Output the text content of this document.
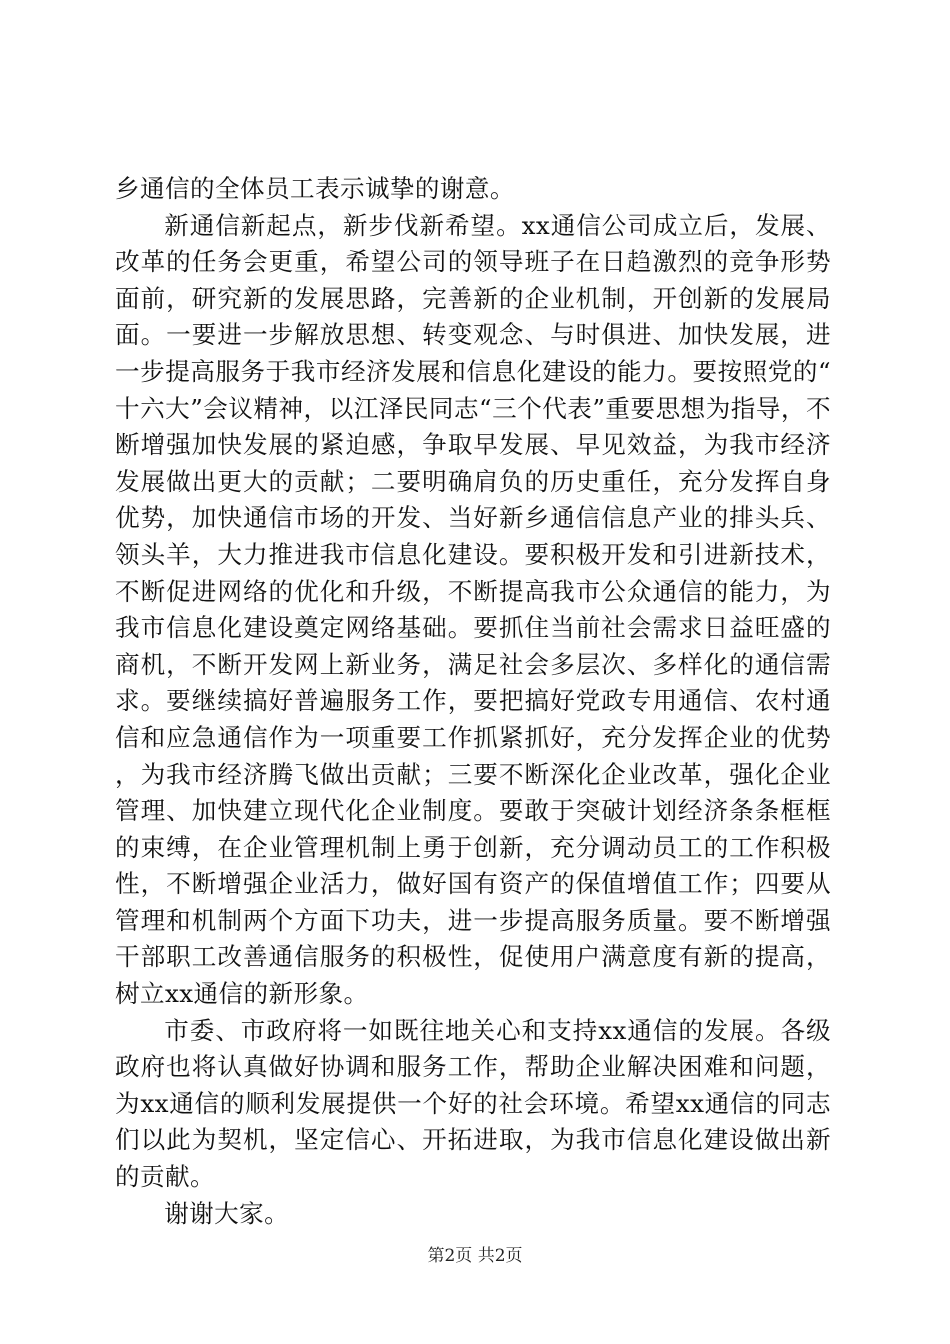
乡通信的全体员工表示诚挚的谢意。

新通信新起点，新步伐新希望。xx通信公司成立后，发展、改革的任务会更重，希望公司的领导班子在日趋激烈的竞争形势面前，研究新的发展思路，完善新的企业机制，开创新的发展局面。一要进一步解放思想、转变观念、与时俱进、加快发展，进一步提高服务于我市经济发展和信息化建设的能力。要按照党的“十六大”会议精神，以江泽民同志“三个代表”重要思想为指导，不断增强加快发展的紧迫感，争取早发展、早见效益，为我市经济发展做出更大的贡献；二要明确肩负的历史重任，充分发挥自身优势，加快通信市场的开发、当好新乡通信信息产业的排头兵、领头羊，大力推进我市信息化建设。要积极开发和引进新技术，不断促进网络的优化和升级，不断提高我市公众通信的能力，为我市信息化建设奠定网络基础。要抓住当前社会需求日益旺盛的商机，不断开发网上新业务，满足社会多层次、多样化的通信需求。要继续搞好普遍服务工作，要把搞好党政专用通信、农村通信和应急通信作为一项重要工作抓紧抓好，充分发挥企业的优势，为我市经济腾飞做出贡献；三要不断深化企业改革，强化企业管理、加快建立现代化企业制度。要敢于突破计划经济条条框框的束缚，在企业管理机制上勇于创新，充分调动员工的工作积极性，不断增强企业活力，做好国有资产的保值增值工作；四要从管理和机制两个方面下功夫，进一步提高服务质量。要不断增强干部职工改善通信服务的积极性，促使用户满意度有新的提高，树立xx通信的新形象。

市委、市政府将一如既往地关心和支持xx通信的发展。各级政府也将认真做好协调和服务工作，帮助企业解决困难和问题，为xx通信的顺利发展提供一个好的社会环境。希望xx通信的同志们以此为契机，坚定信心、开拓进取，为我市信息化建设做出新的贡献。

谢谢大家。

第2页 共2页
